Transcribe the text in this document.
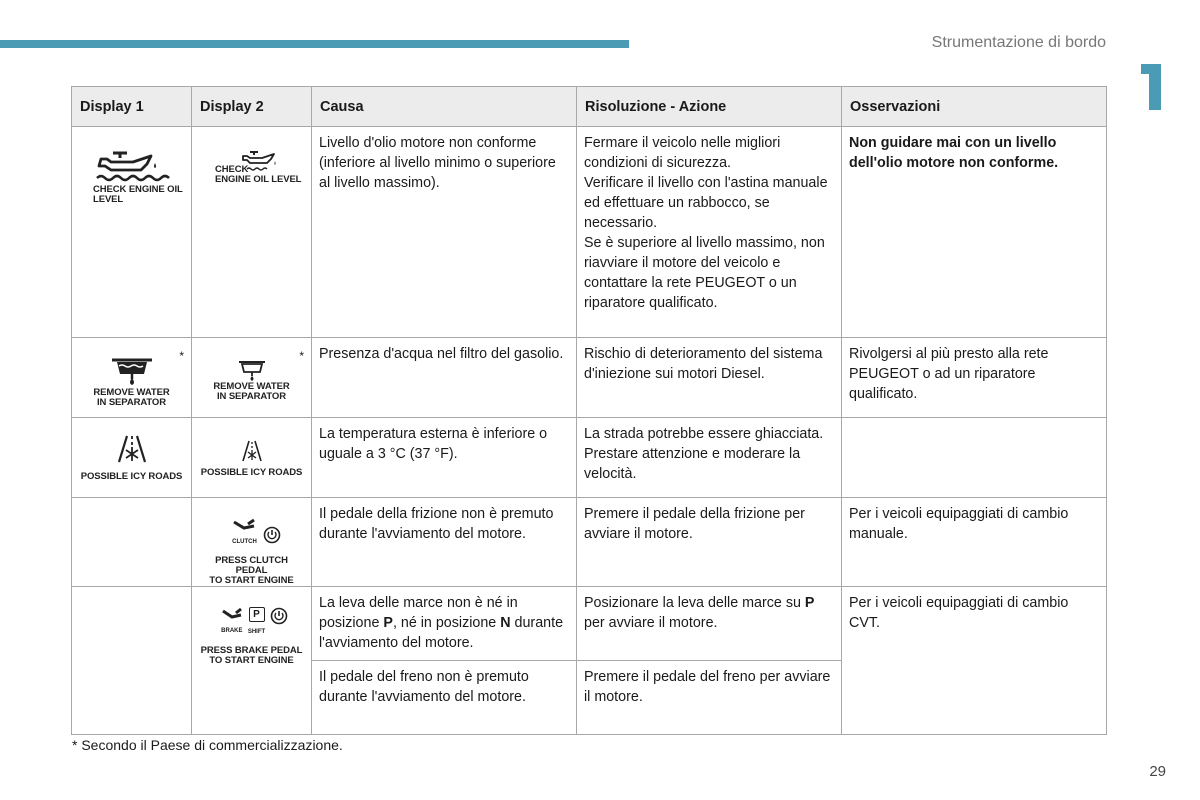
Strumentazione di bordo
Display 1	Display 2	Causa	Risoluzione - Azione	Osservazioni

CHECK ENGINE OIL
LEVEL	CHECK
ENGINE OIL LEVEL	Livello d'olio motore non conforme (inferiore al livello minimo o superiore al livello massimo).	Fermare il veicolo nelle migliori condizioni di sicurezza.
Verificare il livello con l'astina manuale ed effettuare un rabbocco, se necessario.
Se è superiore al livello massimo, non riavviare il motore del veicolo e contattare la rete PEUGEOT o un riparatore qualificato.	Non guidare mai con un livello dell'olio motore non conforme.

*
REMOVE WATER
IN SEPARATOR	*
REMOVE WATER
IN SEPARATOR	Presenza d'acqua nel filtro del gasolio.	Rischio di deterioramento del sistema d'iniezione sui motori Diesel.	Rivolgersi al più presto alla rete PEUGEOT o ad un riparatore qualificato.

POSSIBLE ICY ROADS	POSSIBLE ICY ROADS	La temperatura esterna è inferiore o uguale a 3 °C (37 °F).	La strada potrebbe essere ghiacciata. Prestare attenzione e moderare la velocità.	

	CLUTCH
PRESS CLUTCH PEDAL
TO START ENGINE	Il pedale della frizione non è premuto durante l'avviamento del motore.	Premere il pedale della frizione per avviare il motore.	Per i veicoli equipaggiati di cambio manuale.

	BRAKE
P
SHIFT
PRESS BRAKE PEDAL
TO START ENGINE	La leva delle marce non è né in posizione P, né in posizione N durante l'avviamento del motore.	Posizionare la leva delle marce su P per avviare il motore.	Per i veicoli equipaggiati di cambio CVT.
		Il pedale del freno non è premuto durante l'avviamento del motore.	Premere il pedale del freno per avviare il motore.	
* Secondo il Paese di commercializzazione.
29
